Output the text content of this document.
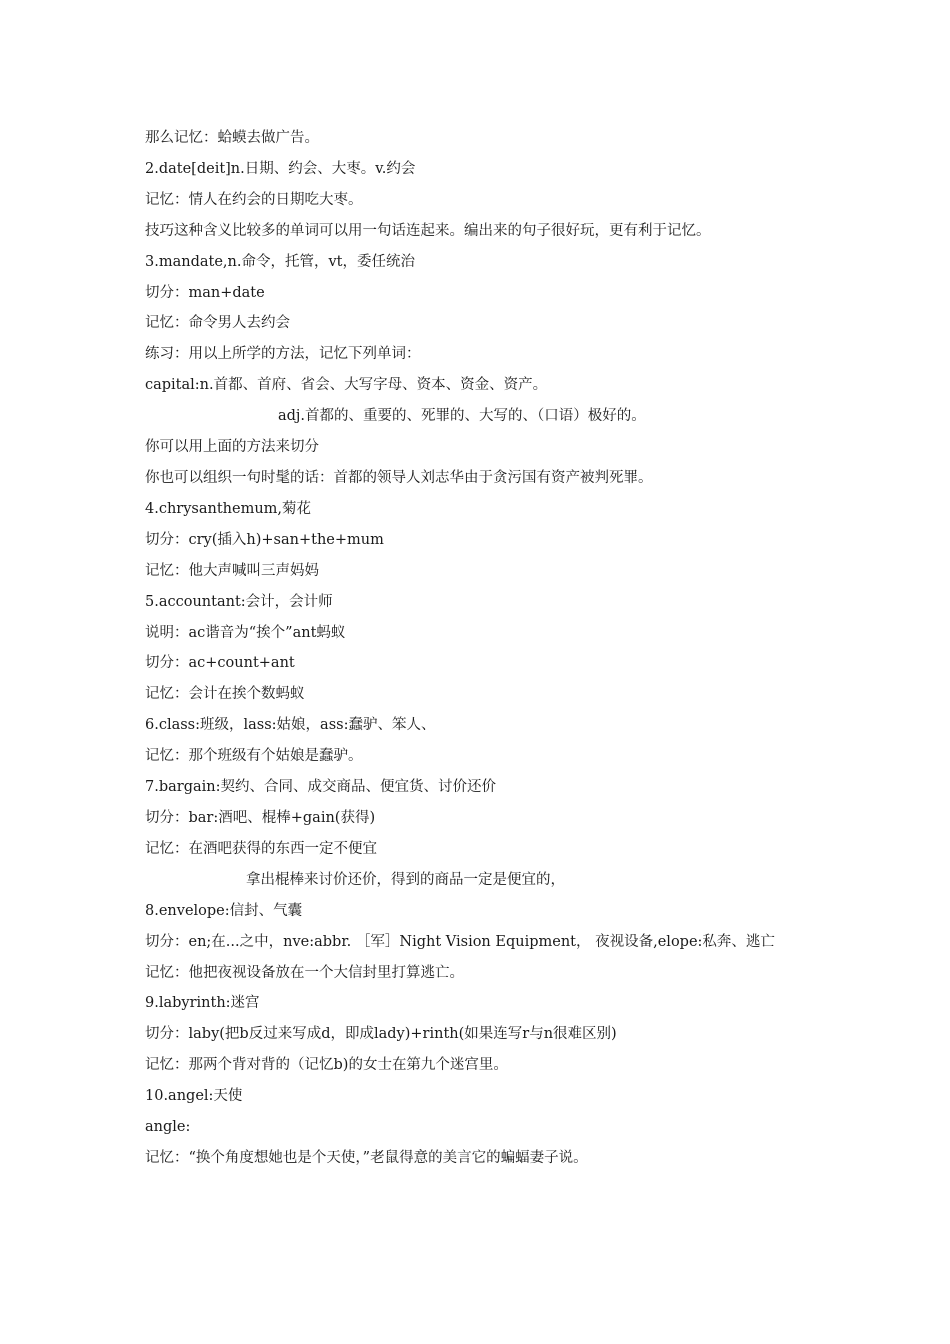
那么记忆：蛤蟆去做广告。

2.date[deit]n.日期、约会、大枣。v.约会

记忆：情人在约会的日期吃大枣。

技巧这种含义比较多的单词可以用一句话连起来。编出来的句子很好玩，更有利于记忆。

3.mandate,n.命令，托管，vt，委任统治

切分：man+date

记忆：命令男人去约会

练习：用以上所学的方法，记忆下列单词：

capital:n.首都、首府、省会、大写字母、资本、资金、资产。

adj.首都的、重要的、死罪的、大写的、（口语）极好的。

你可以用上面的方法来切分

你也可以组织一句时髦的话：首都的领导人刘志华由于贪污国有资产被判死罪。

4.chrysanthemum,菊花

切分：cry(插入h)+san+the+mum

记忆：他大声喊叫三声妈妈

5.accountant:会计，会计师

说明：ac谐音为“挨个”ant蚂蚁

切分：ac+count+ant

记忆：会计在挨个数蚂蚁

6.class:班级，lass:姑娘，ass:蠢驴、笨人、

记忆：那个班级有个姑娘是蠢驴。

7.bargain:契约、合同、成交商品、便宜货、讨价还价

切分：bar:酒吧、棍棒+gain(获得)

记忆：在酒吧获得的东西一定不便宜

拿出棍棒来讨价还价，得到的商品一定是便宜的，

8.envelope:信封、气囊

切分：en;在...之中，nve:abbr. ［军］Night Vision Equipment， 夜视设备,elope:私奔、逃亡

记忆：他把夜视设备放在一个大信封里打算逃亡。

9.labyrinth:迷宫

切分：laby(把b反过来写成d，即成lady)+rinth(如果连写r与n很难区别)

记忆：那两个背对背的（记忆b)的女士在第九个迷宫里。

10.angel:天使

angle:

记忆：“换个角度想她也是个天使，”老鼠得意的美言它的蝙蝠妻子说。
